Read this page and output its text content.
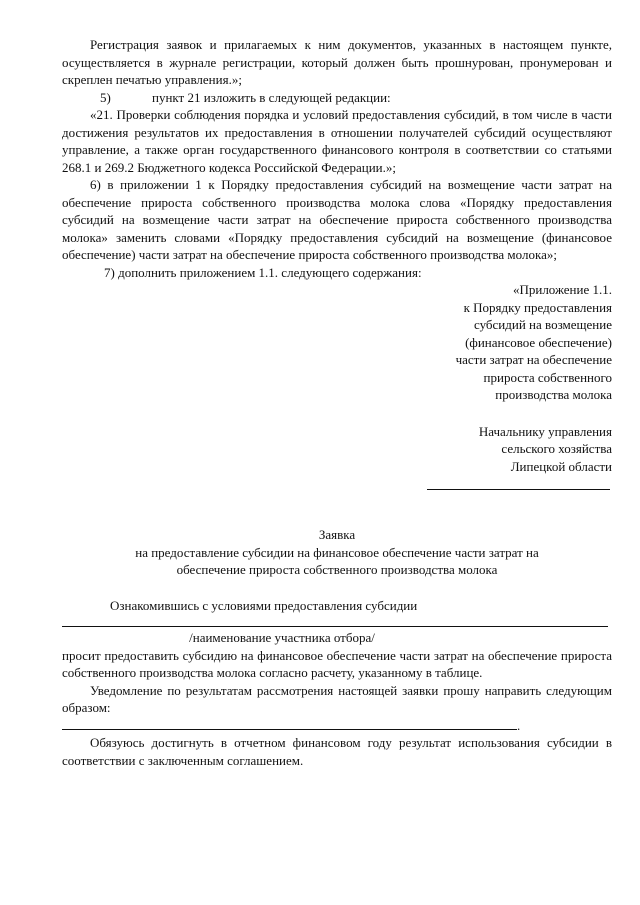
Регистрация заявок и прилагаемых к ним документов, указанных в настоящем пункте, осуществляется в журнале регистрации, который должен быть прошнурован, пронумерован и скреплен печатью управления.»;

5)	пункт 21 изложить в следующей редакции:

«21. Проверки соблюдения порядка и условий предоставления субсидий, в том числе в части достижения результатов их предоставления в отношении получателей субсидий осуществляют управление, а также орган государственного финансового контроля в соответствии со статьями 268.1 и 269.2 Бюджетного кодекса Российской Федерации.»;

6) в приложении 1 к Порядку предоставления субсидий на возмещение части затрат на обеспечение прироста собственного производства молока слова «Порядку предоставления субсидий на возмещение части затрат на обеспечение прироста собственного производства молока» заменить словами «Порядку предоставления субсидий на возмещение (финансовое обеспечение) части затрат на обеспечение прироста собственного производства молока»;

7) дополнить приложением 1.1. следующего содержания:

«Приложение 1.1.
к Порядку предоставления
субсидий на возмещение
(финансовое обеспечение)
части затрат на обеспечение
прироста собственного
производства молока
Начальнику управления
сельского хозяйства
Липецкой области
Заявка
на предоставление субсидии на финансовое обеспечение части затрат на
обеспечение прироста собственного производства молока

Ознакомившись с условиями предоставления субсидии

/наименование участника отбора/

просит предоставить субсидию на финансовое обеспечение части затрат на обеспечение прироста собственного производства молока согласно расчету, указанному в таблице.

Уведомление по результатам рассмотрения настоящей заявки прошу направить следующим образом:

.

Обязуюсь достигнуть в отчетном финансовом году результат использования субсидии в соответствии с заключенным соглашением.
